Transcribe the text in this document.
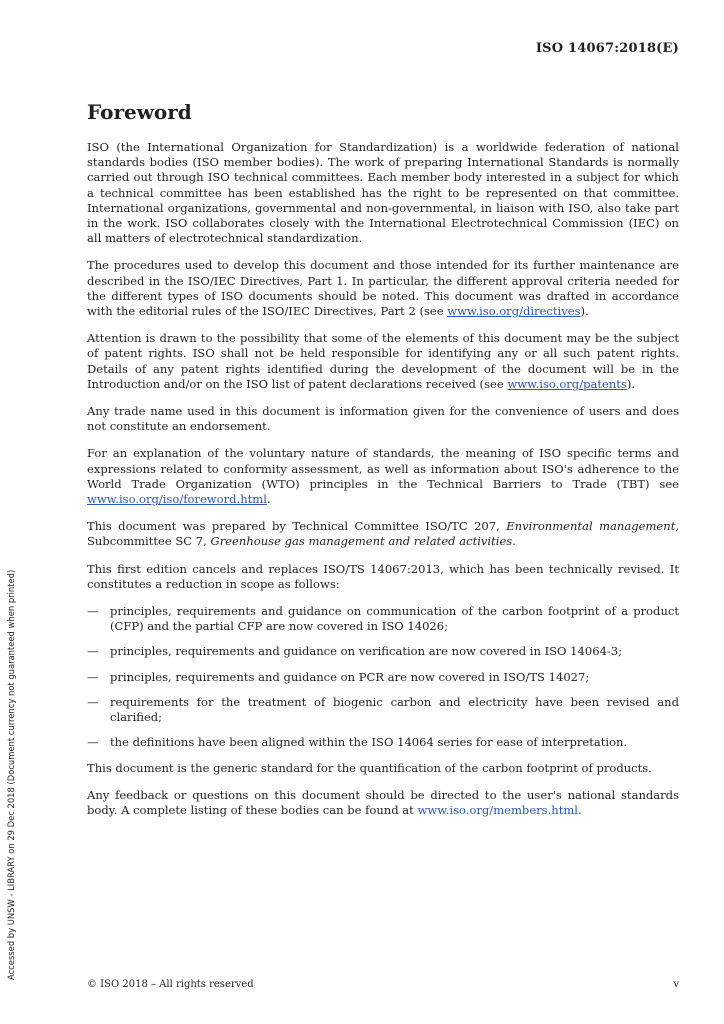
ISO 14067:2018(E)
Foreword

ISO (the International Organization for Standardization) is a worldwide federation of national standards bodies (ISO member bodies). The work of preparing International Standards is normally carried out through ISO technical committees. Each member body interested in a subject for which a technical committee has been established has the right to be represented on that committee. International organizations, governmental and non-governmental, in liaison with ISO, also take part in the work. ISO collaborates closely with the International Electrotechnical Commission (IEC) on all matters of electrotechnical standardization.

The procedures used to develop this document and those intended for its further maintenance are described in the ISO/IEC Directives, Part 1. In particular, the different approval criteria needed for the different types of ISO documents should be noted. This document was drafted in accordance with the editorial rules of the ISO/IEC Directives, Part 2 (see www.iso.org/directives).

Attention is drawn to the possibility that some of the elements of this document may be the subject of patent rights. ISO shall not be held responsible for identifying any or all such patent rights. Details of any patent rights identified during the development of the document will be in the Introduction and/or on the ISO list of patent declarations received (see www.iso.org/patents).

Any trade name used in this document is information given for the convenience of users and does not constitute an endorsement.

For an explanation of the voluntary nature of standards, the meaning of ISO specific terms and expressions related to conformity assessment, as well as information about ISO's adherence to the World Trade Organization (WTO) principles in the Technical Barriers to Trade (TBT) see www.iso.org/iso/foreword.html.

This document was prepared by Technical Committee ISO/TC 207, Environmental management, Subcommittee SC 7, Greenhouse gas management and related activities.

This first edition cancels and replaces ISO/TS 14067:2013, which has been technically revised. It constitutes a reduction in scope as follows:

— principles, requirements and guidance on communication of the carbon footprint of a product (CFP) and the partial CFP are now covered in ISO 14026;
— principles, requirements and guidance on verification are now covered in ISO 14064-3;
— principles, requirements and guidance on PCR are now covered in ISO/TS 14027;
— requirements for the treatment of biogenic carbon and electricity have been revised and clarified;
— the definitions have been aligned within the ISO 14064 series for ease of interpretation.

This document is the generic standard for the quantification of the carbon footprint of products.

Any feedback or questions on this document should be directed to the user's national standards body. A complete listing of these bodies can be found at www.iso.org/members.html.

Accessed by UNSW - LIBRARY on 29 Dec 2018 (Document currency not guaranteed when printed)
© ISO 2018 – All rights reserved	v
